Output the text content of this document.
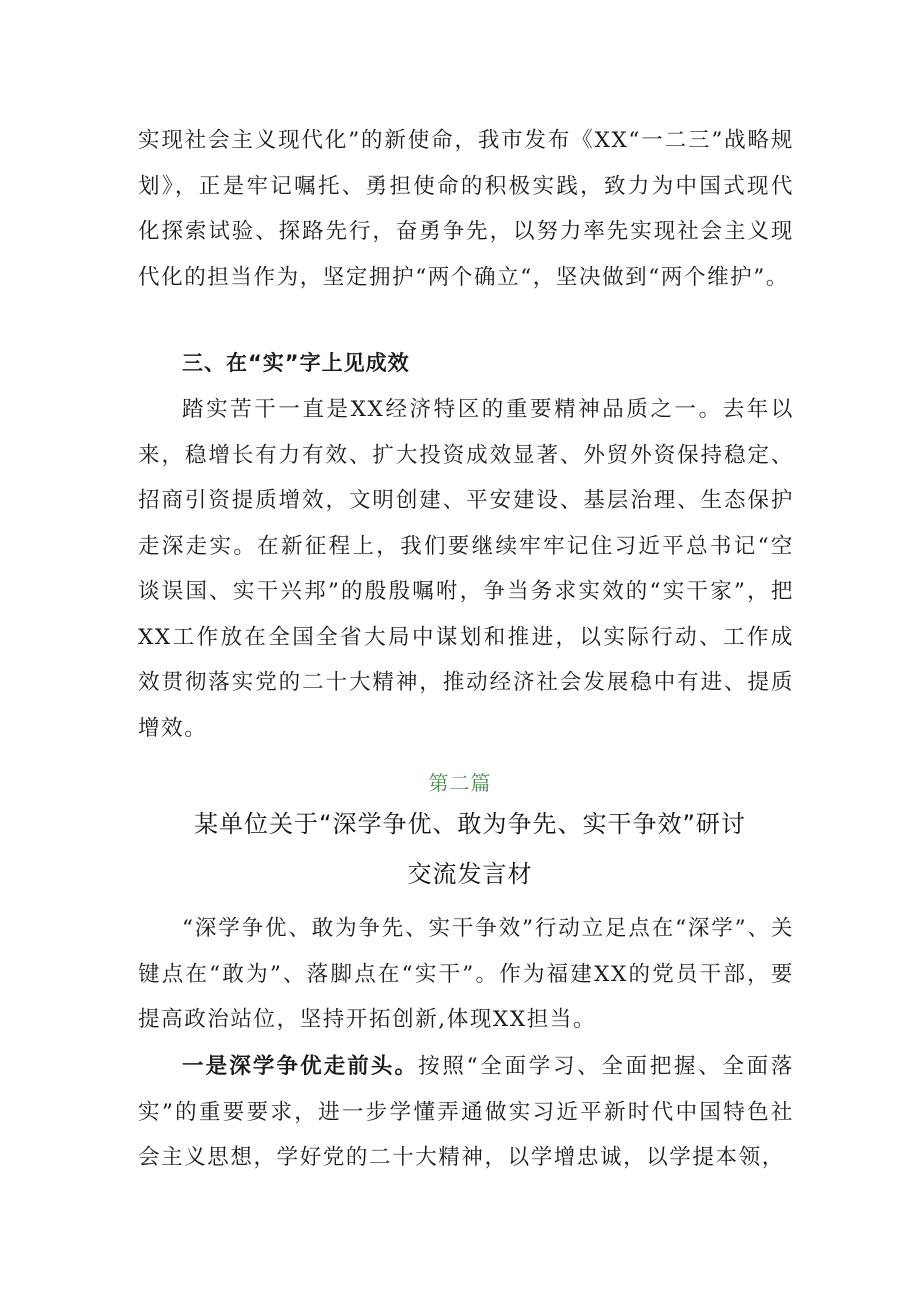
实现社会主义现代化”的新使命，我市发布《XX“一二三”战略规划》，正是牢记嘱托、勇担使命的积极实践，致力为中国式现代化探索试验、探路先行，奋勇争先，以努力率先实现社会主义现代化的担当作为，坚定拥护“两个确立“，坚决做到“两个维护”。

三、在“实”字上见成效

踏实苦干一直是XX经济特区的重要精神品质之一。去年以来，稳增长有力有效、扩大投资成效显著、外贸外资保持稳定、招商引资提质增效，文明创建、平安建设、基层治理、生态保护走深走实。在新征程上，我们要继续牢牢记住习近平总书记“空谈误国、实干兴邦”的殷殷嘱咐，争当务求实效的“实干家”，把XX工作放在全国全省大局中谋划和推进，以实际行动、工作成效贯彻落实党的二十大精神，推动经济社会发展稳中有进、提质增效。

第二篇

某单位关于“深学争优、敢为争先、实干争效”研讨

交流发言材

“深学争优、敢为争先、实干争效”行动立足点在“深学”、关键点在“敢为”、落脚点在“实干”。作为福建XX的党员干部，要提高政治站位，坚持开拓创新,体现XX担当。

一是深学争优走前头。按照“全面学习、全面把握、全面落实”的重要要求，进一步学懂弄通做实习近平新时代中国特色社会主义思想，学好党的二十大精神，以学增忠诚，以学提本领，
